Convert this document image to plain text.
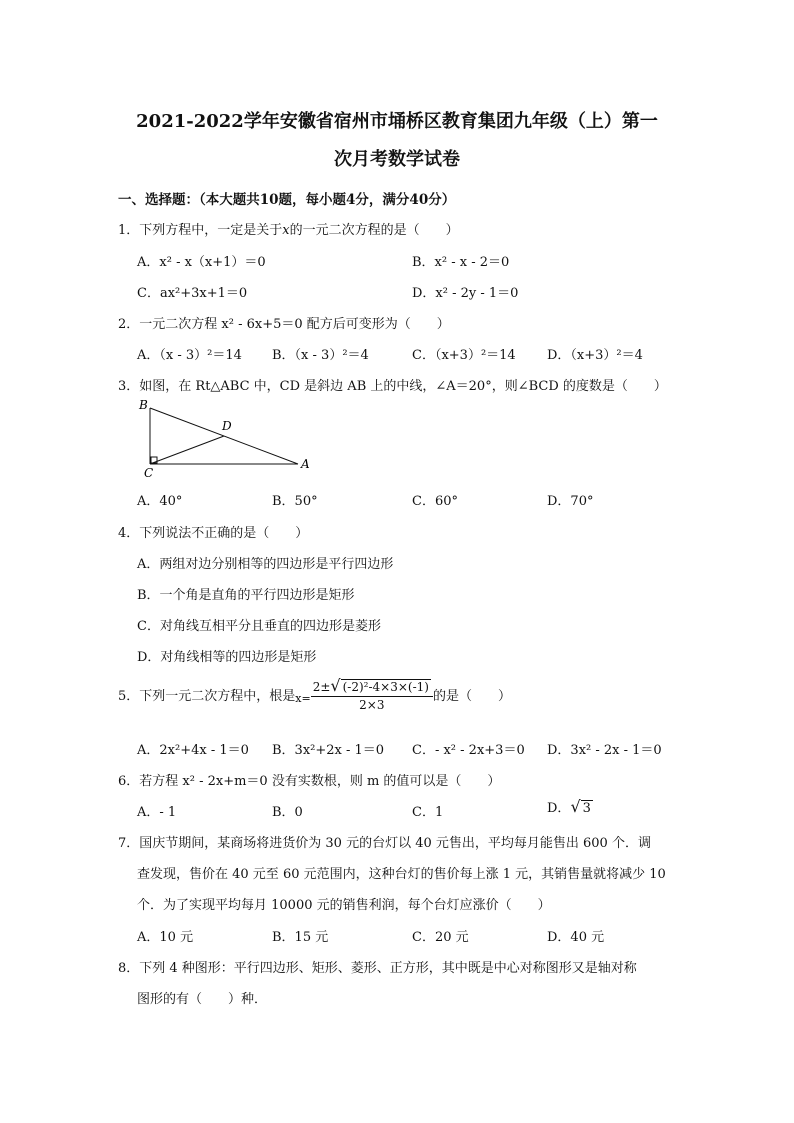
2021-2022学年安徽省宿州市埇桥区教育集团九年级（上）第一
次月考数学试卷
一、选择题：（本大题共10题，每小题4分，满分40分）
1．下列方程中，一定是关于x的一元二次方程的是（　　）
A．x² - x（x+1）＝0	B．x² - x - 2＝0
C．ax²+3x+1＝0	D．x² - 2y - 1＝0
2．一元二次方程 x² - 6x+5＝0 配方后可变形为（　　）
A．（x - 3）²＝14 B．（x - 3）²＝4	C．（x+3）²＝14 D．（x+3）²＝4
3．如图，在 Rt△ABC 中，CD 是斜边 AB 上的中线，∠A＝20°，则∠BCD 的度数是（　　）
B
D
C
A
A．40°	B．50°	C．60°	D．70°
4．下列说法不正确的是（　　）
A．两组对边分别相等的四边形是平行四边形
B．一个角是直角的平行四边形是矩形
C．对角线互相平分且垂直的四边形是菱形
D．对角线相等的四边形是矩形
5．下列一元二次方程中，根是 $x= \frac{\text{2±√ (-2)²-4×3×(-1)}}{2\times 3}$ 的是（　　）
A．2x²+4x - 1＝0 B．3x²+2x - 1＝0 C．- x² - 2x+3＝0 D．3x² - 2x - 1＝0
6．若方程 x² - 2x+m＝0 没有实数根，则 m 的值可以是（　　）
A．- 1	B．0	C．1	D．√ 3
7．国庆节期间，某商场将进货价为 30 元的台灯以 40 元售出，平均每月能售出 600 个．调
查发现，售价在 40 元至 60 元范围内，这种台灯的售价每上涨 1 元，其销售量就将减少 10
个．为了实现平均每月 10000 元的销售利润，每个台灯应涨价（　　）
A．10 元	B．15 元	C．20 元	D．40 元
8．下列 4 种图形：平行四边形、矩形、菱形、正方形，其中既是中心对称图形又是轴对称
图形的有（　　）种．
